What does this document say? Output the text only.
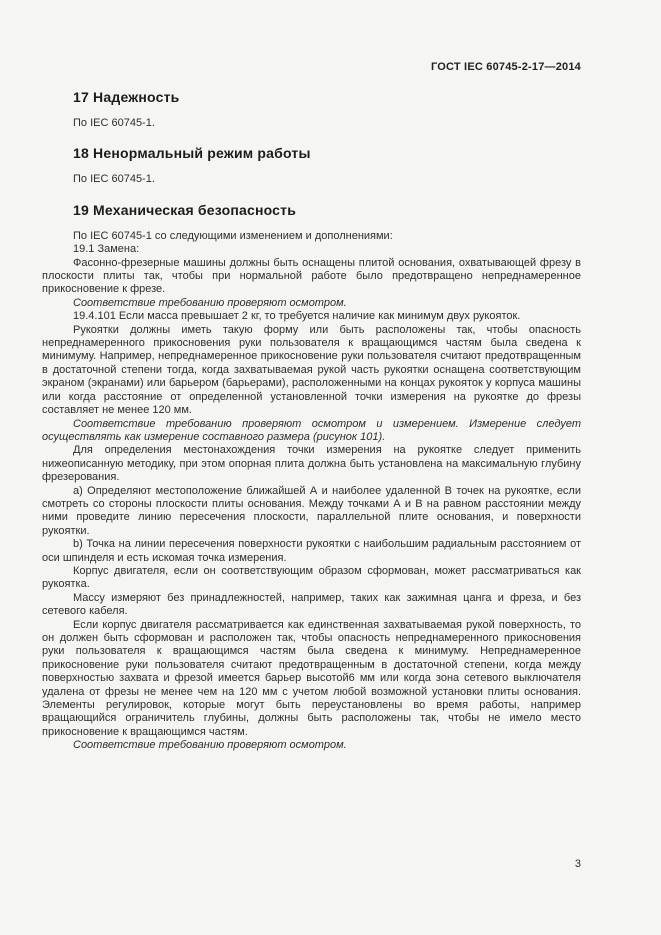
ГОСТ IEC 60745-2-17—2014
17 Надежность

По IEC 60745-1.

18 Ненормальный режим работы

По IEC 60745-1.

19 Механическая безопасность

По IEC 60745-1 со следующими изменением и дополнениями:

19.1 Замена:

Фасонно-фрезерные машины должны быть оснащены плитой основания, охватывающей фрезу в плоскости плиты так, чтобы при нормальной работе было предотвращено непреднамеренное прикосновение к фрезе.

Соответствие требованию проверяют осмотром.

19.4.101 Если масса превышает 2 кг, то требуется наличие как минимум двух рукояток.

Рукоятки должны иметь такую форму или быть расположены так, чтобы опасность непреднамеренного прикосновения руки пользователя к вращающимся частям была сведена к минимуму. Например, непреднамеренное прикосновение руки пользователя считают предотвращенным в достаточной степени тогда, когда захватываемая рукой часть рукоятки оснащена соответствующим экраном (экранами) или барьером (барьерами), расположенными на концах рукояток у корпуса машины или когда расстояние от определенной установленной точки измерения на рукоятке до фрезы составляет не менее 120 мм.

Соответствие требованию проверяют осмотром и измерением. Измерение следует осуществлять как измерение составного размера (рисунок 101).

Для определения местонахождения точки измерения на рукоятке следует применить нижеописанную методику, при этом опорная плита должна быть установлена на максимальную глубину фрезерования.

a) Определяют местоположение ближайшей А и наиболее удаленной В точек на рукоятке, если смотреть со стороны плоскости плиты основания. Между точками А и В на равном расстоянии между ними проведите линию пересечения плоскости, параллельной плите основания, и поверхности рукоятки.

b) Точка на линии пересечения поверхности рукоятки с наибольшим радиальным расстоянием от оси шпинделя и есть искомая точка измерения.

Корпус двигателя, если он соответствующим образом сформован, может рассматриваться как рукоятка.

Массу измеряют без принадлежностей, например, таких как зажимная цанга и фреза, и без сетевого кабеля.

Если корпус двигателя рассматривается как единственная захватываемая рукой поверхность, то он должен быть сформован и расположен так, чтобы опасность непреднамеренного прикосновения руки пользователя к вращающимся частям была сведена к минимуму. Непреднамеренное прикосновение руки пользователя считают предотвращенным в достаточной степени, когда между поверхностью захвата и фрезой имеется барьер высотой6 мм или когда зона сетевого выключателя удалена от фрезы не менее чем на 120 мм с учетом любой возможной установки плиты основания. Элементы регулировок, которые могут быть переустановлены во время работы, например вращающийся ограничитель глубины, должны быть расположены так, чтобы не имело место прикосновение к вращающимся частям.

Соответствие требованию проверяют осмотром.

3
